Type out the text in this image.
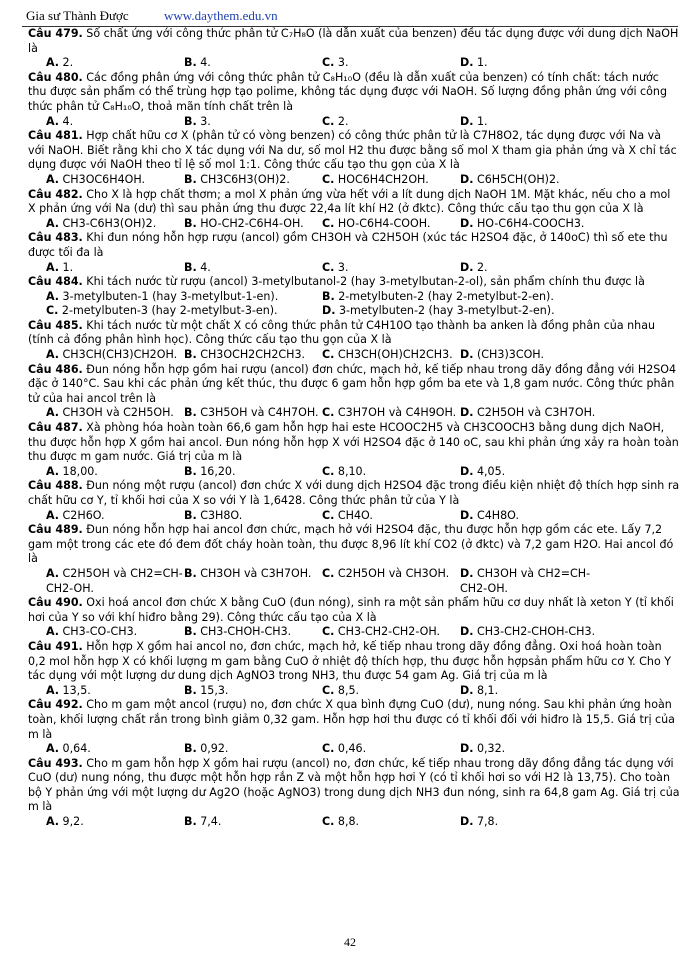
Gia sư Thành Được	www.daythem.edu.vn
Câu 479. Số chất ứng với công thức phân tử C₇H₈O (là dẫn xuất của benzen) đều tác dụng được với dung dịch NaOH là
A. 2.	B. 4.	C. 3.	D. 1.
Câu 480. Các đồng phân ứng với công thức phân tử C₈H₁₀O (đều là dẫn xuất của benzen) có tính chất: tách nước thu được sản phẩm có thể trùng hợp tạo polime, không tác dụng được với NaOH. Số lượng đồng phân ứng với công thức phân tử C₈H₁₀O, thoả mãn tính chất trên là
A. 4.	B. 3.	C. 2.	D. 1.
Câu 481. Hợp chất hữu cơ X (phân tử có vòng benzen) có công thức phân tử là C7H8O2, tác dụng được với Na và với NaOH. Biết rằng khi cho X tác dụng với Na dư, số mol H2 thu được bằng số mol X tham gia phản ứng và X chỉ tác dụng được với NaOH theo tỉ lệ số mol 1:1. Công thức cấu tạo thu gọn của X là
A. CH3OC6H4OH.	B. CH3C6H3(OH)2.	C. HOC6H4CH2OH.	D. C6H5CH(OH)2.
Câu 482. Cho X là hợp chất thơm; a mol X phản ứng vừa hết với a lít dung dịch NaOH 1M. Mặt khác, nếu cho a mol X phản ứng với Na (dư) thì sau phản ứng thu được 22,4a lít khí H2 (ở đktc). Công thức cấu tạo thu gọn của X là
A. CH3-C6H3(OH)2.	B. HO-CH2-C6H4-OH.	C. HO-C6H4-COOH.	D. HO-C6H4-COOCH3.
Câu 483. Khi đun nóng hỗn hợp rượu (ancol) gồm CH3OH và C2H5OH (xúc tác H2SO4 đặc, ở 140oC) thì số ete thu được tối đa là
A. 1.	B. 4.	C. 3.	D. 2.
Câu 484. Khi tách nước từ rượu (ancol) 3-metylbutanol-2 (hay 3-metylbutan-2-ol), sản phẩm chính thu được là
A. 3-metylbuten-1 (hay 3-metylbut-1-en).	B. 2-metylbuten-2 (hay 2-metylbut-2-en).
C. 2-metylbuten-3 (hay 2-metylbut-3-en).	D. 3-metylbuten-2 (hay 3-metylbut-2-en).
Câu 485. Khi tách nước từ một chất X có công thức phân tử C4H10O tạo thành ba anken là đồng phân của nhau (tính cả đồng phân hình học). Công thức cấu tạo thu gọn của X là
A. CH3CH(CH3)CH2OH. B. CH3OCH2CH2CH3.	C. CH3CH(OH)CH2CH3. D. (CH3)3COH.
Câu 486. Đun nóng hỗn hợp gồm hai rượu (ancol) đơn chức, mạch hở, kế tiếp nhau trong dãy đồng đẳng với H2SO4 đặc ở 140°C. Sau khi các phản ứng kết thúc, thu được 6 gam hỗn hợp gồm ba ete và 1,8 gam nước. Công thức phân tử của hai ancol trên là
A. CH3OH và C2H5OH. B. C3H5OH và C4H7OH. C. C3H7OH và C4H9OH. D. C2H5OH và C3H7OH.
Câu 487. Xà phòng hóa hoàn toàn 66,6 gam hỗn hợp hai este HCOOC2H5 và CH3COOCH3 bằng dung dịch NaOH, thu được hỗn hợp X gồm hai ancol. Đun nóng hỗn hợp X với H2SO4 đặc ở 140 oC, sau khi phản ứng xảy ra hoàn toàn thu được m gam nước. Giá trị của m là
A. 18,00.	B. 16,20.	C. 8,10.	D. 4,05.
Câu 488. Đun nóng một rượu (ancol) đơn chức X với dung dịch H2SO4 đặc trong điều kiện nhiệt độ thích hợp sinh ra chất hữu cơ Y, tỉ khối hơi của X so với Y là 1,6428. Công thức phân tử của Y là
A. C2H6O.	B. C3H8O.	C. CH4O.	D. C4H8O.
Câu 489. Đun nóng hỗn hợp hai ancol đơn chức, mạch hở với H2SO4 đặc, thu được hỗn hợp gồm các ete. Lấy 7,2 gam một trong các ete đó đem đốt cháy hoàn toàn, thu được 8,96 lít khí CO2 (ở đktc) và 7,2 gam H2O. Hai ancol đó là
A. C2H5OH và CH2=CH-CH2-OH.
B. CH3OH và C3H7OH. C. C2H5OH và CH3OH. D. CH3OH và CH2=CH-CH2-OH.
Câu 490. Oxi hoá ancol đơn chức X bằng CuO (đun nóng), sinh ra một sản phẩm hữu cơ duy nhất là xeton Y (tỉ khối hơi của Y so với khí hiđro bằng 29). Công thức cấu tạo của X là
A. CH3-CO-CH3.	B. CH3-CHOH-CH3.	C. CH3-CH2-CH2-OH.	D. CH3-CH2-CHOH-CH3.
Câu 491. Hỗn hợp X gồm hai ancol no, đơn chức, mạch hở, kế tiếp nhau trong dãy đồng đẳng. Oxi hoá hoàn toàn 0,2 mol hỗn hợp X có khối lượng m gam bằng CuO ở nhiệt độ thích hợp, thu được hỗn hợpsản phẩm hữu cơ Y. Cho Y tác dụng với một lượng dư dung dịch AgNO3 trong NH3, thu được 54 gam Ag. Giá trị của m là
A. 13,5.	B. 15,3.	C. 8,5.	D. 8,1.
Câu 492. Cho m gam một ancol (rượu) no, đơn chức X qua bình đựng CuO (dư), nung nóng. Sau khi phản ứng hoàn toàn, khối lượng chất rắn trong bình giảm 0,32 gam. Hỗn hợp hơi thu được có tỉ khối đối với hiđro là 15,5. Giá trị của m là
A. 0,64.	B. 0,92.	C. 0,46.	D. 0,32.
Câu 493. Cho m gam hỗn hợp X gồm hai rượu (ancol) no, đơn chức, kế tiếp nhau trong dãy đồng đẳng tác dụng với CuO (dư) nung nóng, thu được một hỗn hợp rắn Z và một hỗn hợp hơi Y (có tỉ khối hơi so với H2 là 13,75). Cho toàn bộ Y phản ứng với một lượng dư Ag2O (hoặc AgNO3) trong dung dịch NH3 đun nóng, sinh ra 64,8 gam Ag. Giá trị của m là
A. 9,2.	B. 7,4.	C. 8,8.	D. 7,8.
42
